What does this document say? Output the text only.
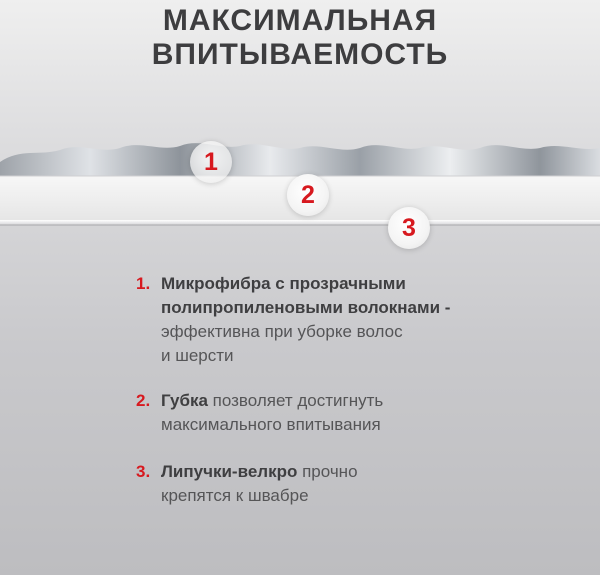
МАКСИМАЛЬНАЯ
ВПИТЫВАЕМОСТЬ
1
2
3
1. Микрофибра с прозрачными
полипропиленовыми волокнами -
эффективна при уборке волос
и шерсти
2. Губка позволяет достигнуть
максимального впитывания
3. Липучки-велкро прочно
крепятся к швабре
